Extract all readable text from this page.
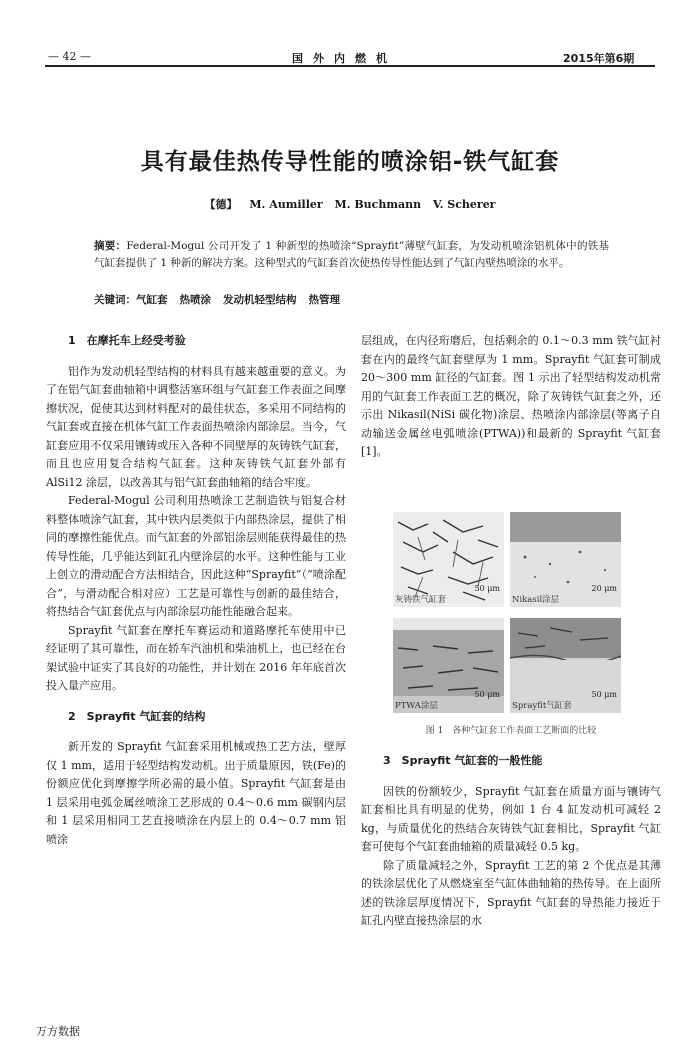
— 42 —	国外内燃机	2015年第6期
具有最佳热传导性能的喷涂铝-铁气缸套
【德】 M. Aumiller M. Buchmann V. Scherer
摘要：Federal-Mogul 公司开发了 1 种新型的热喷涂“Sprayfit”薄壁气缸套，为发动机喷涂铝机体中的铁基气缸套提供了 1 种新的解决方案。这种型式的气缸套首次使热传导性能达到了气缸内壁热喷涂的水平。
关键词：气缸套 热喷涂 发动机轻型结构 热管理

1　在摩托车上经受考验

铝作为发动机轻型结构的材料具有越来越重要的意义。为了在铝气缸套曲轴箱中调整活塞环组与气缸套工作表面之间摩擦状况，促使其达到材料配对的最佳状态，多采用不同结构的气缸套或直接在机体气缸工作表面热喷涂内部涂层。当今，气缸套应用不仅采用镶铸或压入各种不同壁厚的灰铸铁气缸套，而且也应用复合结构气缸套。这种灰铸铁气缸套外部有 AlSi12 涂层，以改善其与铝气缸套曲轴箱的结合牢度。

Federal-Mogul 公司利用热喷涂工艺制造铁与铝复合材料整体喷涂气缸套，其中铁内层类似于内部热涂层，提供了相同的摩擦性能优点。而气缸套的外部铝涂层则能获得最佳的热传导性能，几乎能达到缸孔内壁涂层的水平。这种性能与工业上创立的滑动配合方法相结合，因此这种“Sprayfit”（“喷涂配合”，与滑动配合相对应）工艺是可靠性与创新的最佳结合，将热结合气缸套优点与内部涂层功能性能融合起来。

Sprayfit 气缸套在摩托车赛运动和道路摩托车使用中已经证明了其可靠性，而在轿车汽油机和柴油机上，也已经在台架试验中证实了其良好的功能性，并计划在 2016 年年底首次投入量产应用。

2　Sprayfit 气缸套的结构

新开发的 Sprayfit 气缸套采用机械或热工艺方法，壁厚仅 1 mm，适用于轻型结构发动机。出于质量原因，铁(Fe)的份额应优化到摩擦学所必需的最小值。Sprayfit 气缸套是由 1 层采用电弧金属丝喷涂工艺形成的 0.4～0.6 mm 碳钢内层和 1 层采用相同工艺直接喷涂在内层上的 0.4～0.7 mm 铝喷涂

层组成，在内径珩磨后，包括剩余的 0.1～0.3 mm 铁气缸衬套在内的最终气缸套壁厚为 1 mm。Sprayfit 气缸套可制成 20～300 mm 缸径的气缸套。图 1 示出了轻型结构发动机常用的气缸套工作表面工艺的概况，除了灰铸铁气缸套之外，还示出 Nikasil(NiSi 碳化物)涂层、热喷涂内部涂层(等离子自动输送金属丝电弧喷涂(PTWA))和最新的 Sprayfit 气缸套[1]。

50 μm
灰铸铁气缸套
20 μm
Nikasil涂层
50 μm
PTWA涂层
50 μm
Sprayfit气缸套
图 1　各种气缸套工作表面工艺断面的比较

3　Sprayfit 气缸套的一般性能

因铁的份额较少，Sprayfit 气缸套在质量方面与镶铸气缸套相比具有明显的优势，例如 1 台 4 缸发动机可减轻 2 kg，与质量优化的热结合灰铸铁气缸套相比，Sprayfit 气缸套可使每个气缸套曲轴箱的质量减轻 0.5 kg。

除了质量减轻之外，Sprayfit 工艺的第 2 个优点是其薄的铁涂层优化了从燃烧室至气缸体曲轴箱的热传导。在上面所述的铁涂层厚度情况下，Sprayfit 气缸套的导热能力接近于缸孔内壁直接热涂层的水

万方数据
